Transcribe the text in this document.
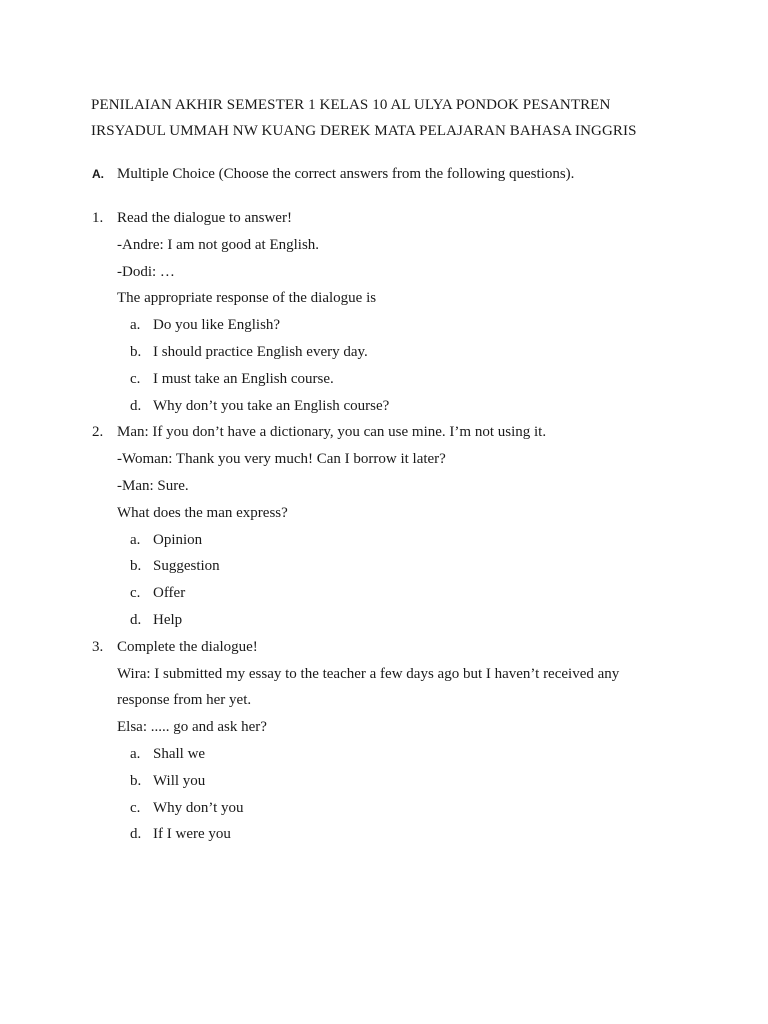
PENILAIAN AKHIR SEMESTER 1 KELAS 10 AL ULYA PONDOK PESANTREN
IRSYADUL UMMAH NW KUANG DEREK MATA PELAJARAN BAHASA INGGRIS
A. Multiple Choice (Choose the correct answers from the following questions).
1. Read the dialogue to answer!
-Andre: I am not good at English.
-Dodi: …
The appropriate response of the dialogue is
a. Do you like English?
b. I should practice English every day.
c. I must take an English course.
d. Why don’t you take an English course?
2. Man: If you don’t have a dictionary, you can use mine. I’m not using it.
-Woman: Thank you very much! Can I borrow it later?
-Man: Sure.
What does the man express?
a. Opinion
b. Suggestion
c. Offer
d. Help
3. Complete the dialogue!
Wira: I submitted my essay to the teacher a few days ago but I haven’t received any
response from her yet.
Elsa: ..... go and ask her?
a. Shall we
b. Will you
c. Why don’t you
d. If I were you
